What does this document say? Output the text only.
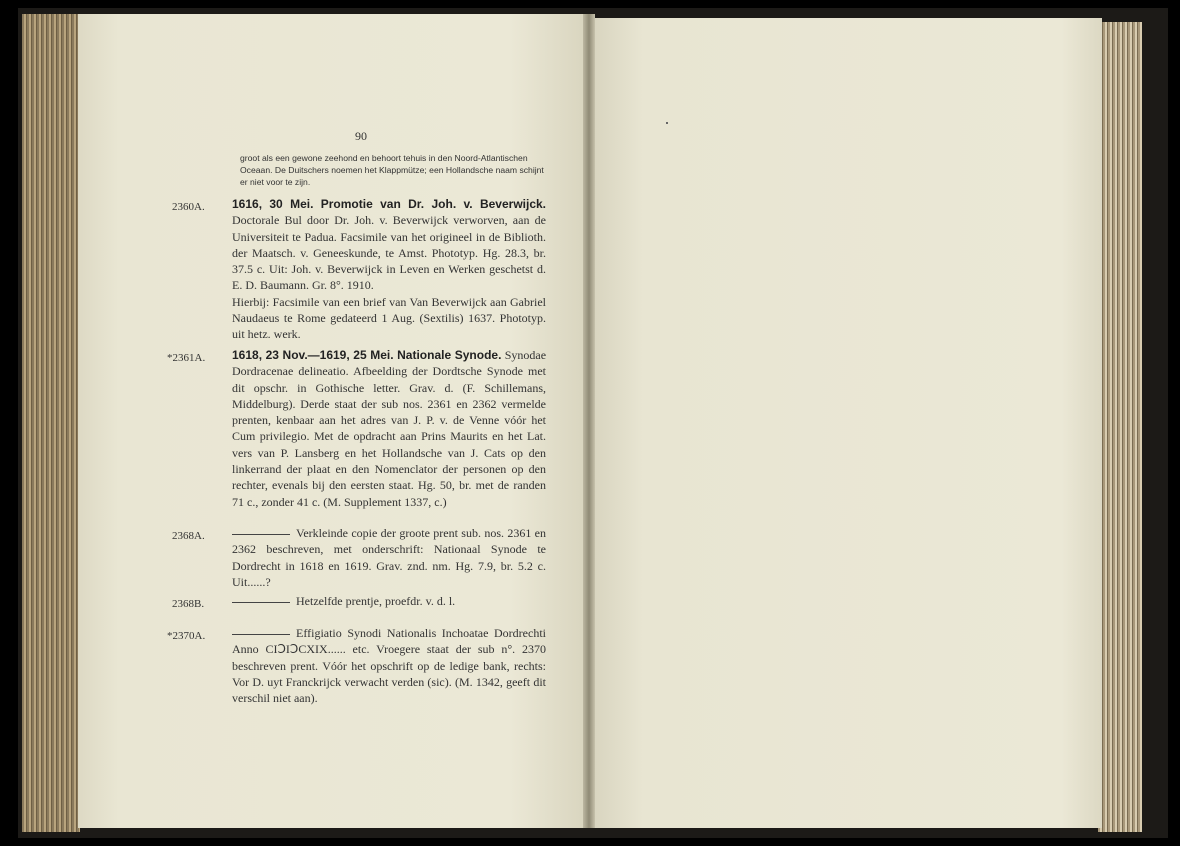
90
groot als een gewone zeehond en behoort tehuis in den Noord-Atlantischen Oceaan. De Duitschers noemen het Klappmütze; een Hollandsche naam schijnt er niet voor te zijn.
2360A. 1616, 30 Mei. Promotie van Dr. Joh. v. Beverwijck. Doctorale Bul door Dr. Joh. v. Beverwijck verworven, aan de Universiteit te Padua. Facsimile van het origineel in de Biblioth. der Maatsch. v. Geneeskunde, te Amst. Phototyp. Hg. 28.3, br. 37.5 c. Uit: Joh. v. Beverwijck in Leven en Werken geschetst d. E. D. Baumann. Gr. 8°. 1910.
Hierbij: Facsimile van een brief van Van Beverwijck aan Gabriel Naudaeus te Rome gedateerd 1 Aug. (Sextilis) 1637. Phototyp. uit hetz. werk.
*2361A. 1618, 23 Nov.—1619, 25 Mei. Nationale Synode. Synodae Dordracenae delineatio. Afbeelding der Dordtsche Synode met dit opschr. in Gothische letter. Grav. d. (F. Schillemans, Middelburg). Derde staat der sub nos. 2361 en 2362 vermelde prenten, kenbaar aan het adres van J. P. v. de Venne vóór het Cum privilegio. Met de opdracht aan Prins Maurits en het Lat. vers van P. Lansberg en het Hollandsche van J. Cats op den linkerrand der plaat en den Nomenclator der personen op den rechter, evenals bij den eersten staat. Hg. 50, br. met de randen 71 c., zonder 41 c. (M. Supplement 1337, c.)
2368A.	Verkleinde copie der groote prent sub. nos. 2361 en 2362 beschreven, met onderschrift: Nationaal Synode te Dordrecht in 1618 en 1619. Grav. znd. nm. Hg. 7.9, br. 5.2 c. Uit......?
2368B.	Hetzelfde prentje, proefdr. v. d. l.
*2370A.	Effigiatio Synodi Nationalis Inchoatae Dordrechti Anno CIↃIↃCXIX...... etc. Vroegere staat der sub n°. 2370 beschreven prent. Vóór het opschrift op de ledige bank, rechts: Vor D. uyt Franckrijck verwacht verden (sic). (M. 1342, geeft dit verschil niet aan).
